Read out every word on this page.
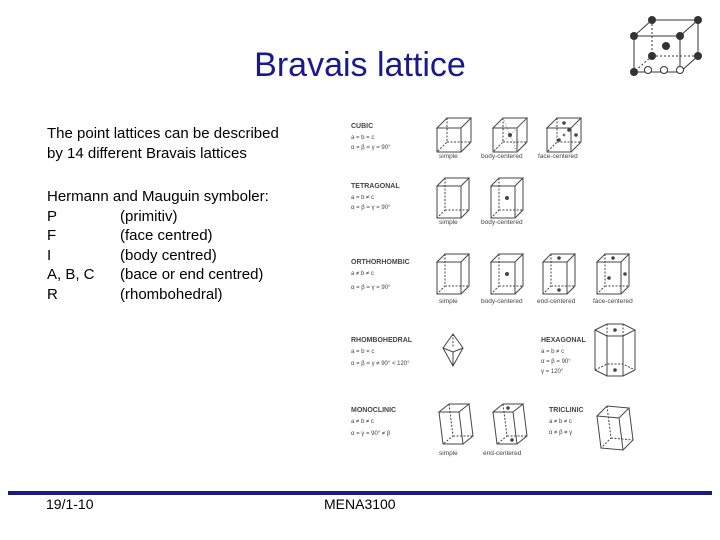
Bravais lattice
The point lattices can be described
by 14 different Bravais lattices
Hermann and Mauguin symboler:
P	(primitiv)
F	(face centred)
I	(body centred)
A, B, C	(bace or end centred)
R	(rhombohedral)
CUBIC
a = b = c
α = β = γ = 90°
simple	body-centered face-centered
TETRAGONAL
a = b ≠ c
α = β = γ = 90°
simple	body-centered
ORTHORHOMBIC
a ≠ b ≠ c
α = β = γ = 90°
simple	body-centered end-centered	face-centered
RHOMBOHEDRAL
a = b = c
α = β = γ ≠ 90° < 120°
HEXAGONAL
a = b ≠ c
α = β = 90°
γ = 120°
MONOCLINIC
a ≠ b ≠ c
α = γ = 90° ≠ β
simple	end-centered
TRICLINIC
a ≠ b ≠ c
α ≠ β ≠ γ
19/1-10	MENA3100
